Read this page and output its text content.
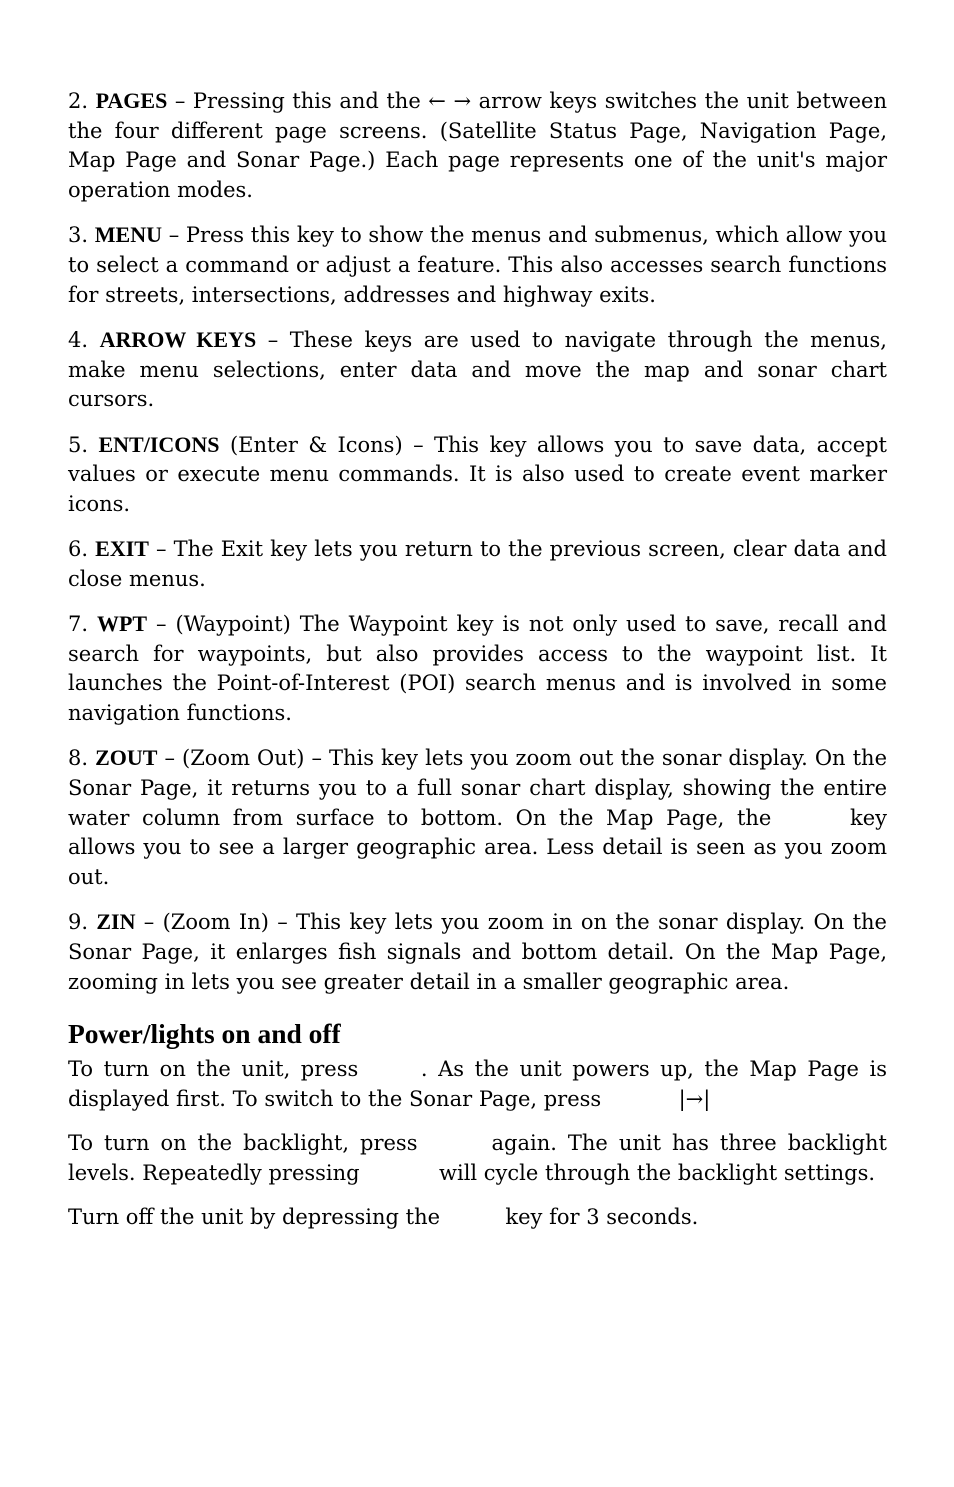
2. PAGES – Pressing this and the ← → arrow keys switches the unit between the four different page screens. (Satellite Status Page, Navigation Page, Map Page and Sonar Page.) Each page represents one of the unit's major operation modes.

3. MENU – Press this key to show the menus and submenus, which allow you to select a command or adjust a feature. This also accesses search functions for streets, intersections, addresses and highway exits.

4. ARROW KEYS – These keys are used to navigate through the menus, make menu selections, enter data and move the map and sonar chart cursors.

5. ENT/ICONS (Enter & Icons) – This key allows you to save data, accept values or execute menu commands. It is also used to create event marker icons.

6. EXIT – The Exit key lets you return to the previous screen, clear data and close menus.

7. WPT – (Waypoint) The Waypoint key is not only used to save, recall and search for waypoints, but also provides access to the waypoint list. It launches the Point-of-Interest (POI) search menus and is involved in some navigation functions.

8. ZOUT – (Zoom Out) – This key lets you zoom out the sonar display. On the Sonar Page, it returns you to a full sonar chart display, showing the entire water column from surface to bottom. On the Map Page, the	key allows you to see a larger geographic area. Less detail is seen as you zoom out.

9. ZIN – (Zoom In) – This key lets you zoom in on the sonar display. On the Sonar Page, it enlarges fish signals and bottom detail. On the Map Page, zooming in lets you see greater detail in a smaller geographic area.

Power/lights on and off

To turn on the unit, press	. As the unit powers up, the Map Page is displayed first. To switch to the Sonar Page, press	|→|

To turn on the backlight, press	again. The unit has three backlight levels. Repeatedly pressing	will cycle through the backlight settings.

Turn off the unit by depressing the	key for 3 seconds.
